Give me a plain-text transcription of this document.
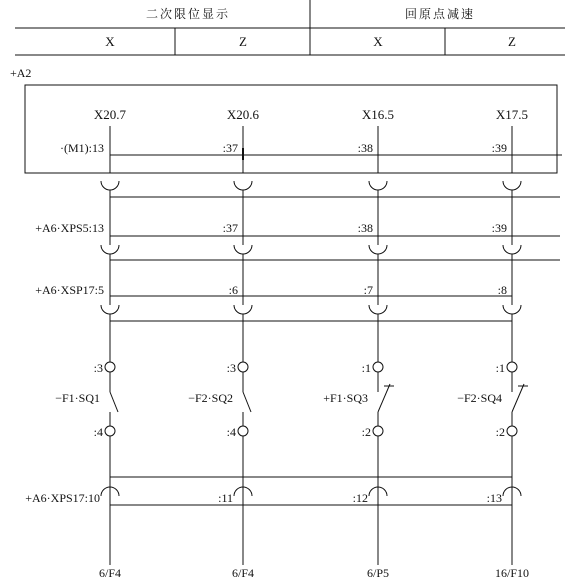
二次限位显示	回原点减速
X	Z	X	Z
+A2
X20.7	X20.6	X16.5	X17.5
·(M1):13	:37	:38	:39
+A6·XPS5:13	:37	:38	:39
+A6·XSP17:5	:6	:7	:8
:3	:3	:1	:1
−F1·SQ1	−F2·SQ2	+F1·SQ3	−F2·SQ4
:4	:4	:2	:2
+A6·XPS17:10	:11	:12	:13
6/F4	6/F4	6/P5	16/F10
